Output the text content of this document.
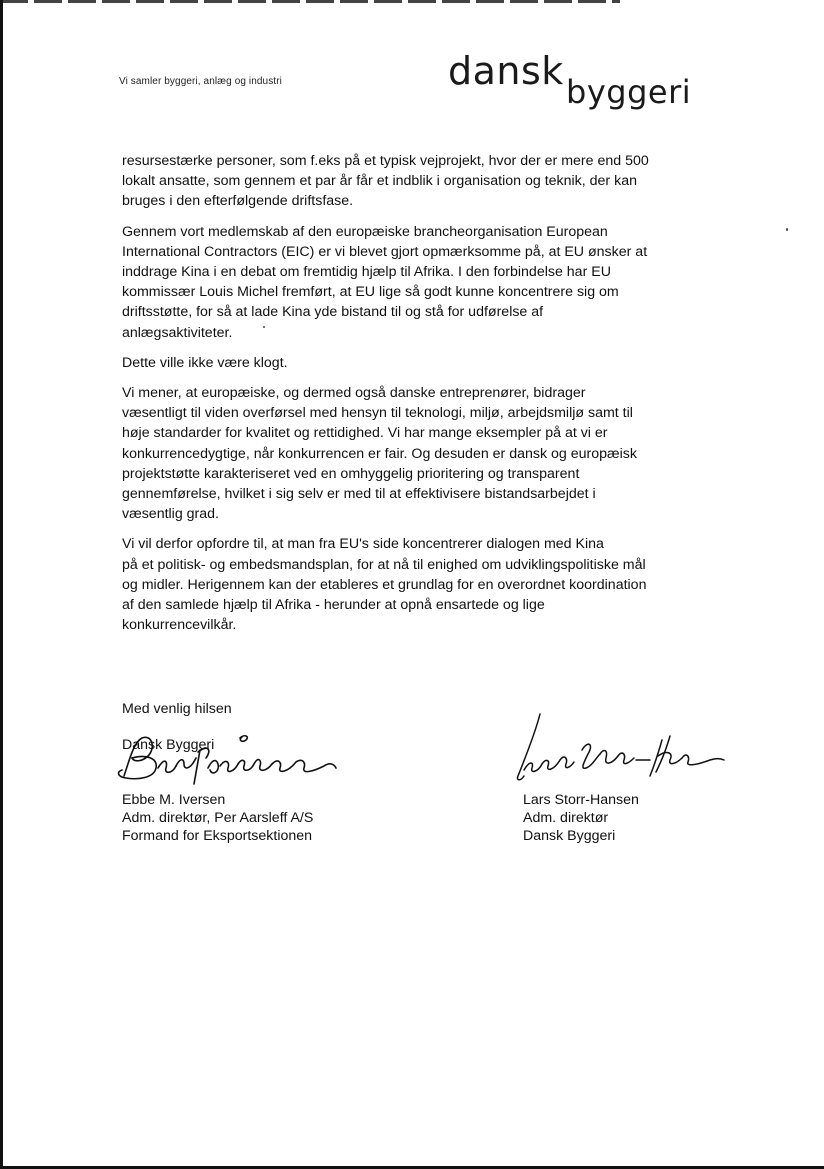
Vi samler byggeri, anlæg og industri	dansk byggeri

resursestærke personer, som f.eks på et typisk vejprojekt, hvor der er mere end 500
lokalt ansatte, som gennem et par år får et indblik i organisation og teknik, der kan
bruges i den efterfølgende driftsfase.

Gennem vort medlemskab af den europæiske brancheorganisation European
International Contractors (EIC) er vi blevet gjort opmærksomme på, at EU ønsker at
inddrage Kina i en debat om fremtidig hjælp til Afrika. I den forbindelse har EU
kommissær Louis Michel fremført, at EU lige så godt kunne koncentrere sig om
driftsstøtte, for så at lade Kina yde bistand til og stå for udførelse af
anlægsaktiviteter.

Dette ville ikke være klogt.

Vi mener, at europæiske, og dermed også danske entreprenører, bidrager
væsentligt til viden overførsel med hensyn til teknologi, miljø, arbejdsmiljø samt til
høje standarder for kvalitet og rettidighed. Vi har mange eksempler på at vi er
konkurrencedygtige, når konkurrencen er fair. Og desuden er dansk og europæisk
projektstøtte karakteriseret ved en omhyggelig prioritering og transparent
gennemførelse, hvilket i sig selv er med til at effektivisere bistandsarbejdet i
væsentlig grad.

Vi vil derfor opfordre til, at man fra EU's side koncentrerer dialogen med Kina
på et politisk- og embedsmandsplan, for at nå til enighed om udviklingspolitiske mål
og midler. Herigennem kan der etableres et grundlag for en overordnet koordination
af den samlede hjælp til Afrika - herunder at opnå ensartede og lige
konkurrencevilkår.

Med venlig hilsen

Dansk Byggeri

Ebbe M. Iversen
Adm. direktør, Per Aarsleff A/S
Formand for Eksportsektionen
Lars Storr-Hansen
Adm. direktør
Dansk Byggeri
